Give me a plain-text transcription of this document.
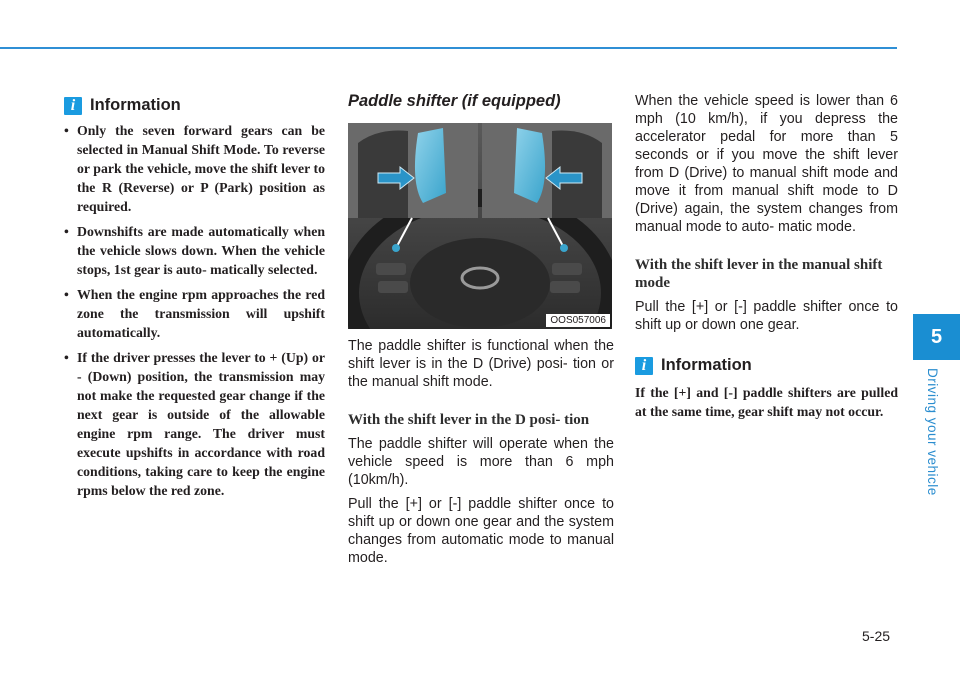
i Information
• Only the seven forward gears can be selected in Manual Shift Mode. To reverse or park the vehicle, move the shift lever to the R (Reverse) or P (Park) position as required.
• Downshifts are made automatically when the vehicle slows down. When the vehicle stops, 1st gear is auto- matically selected.
• When the engine rpm approaches the red zone the transmission will upshift automatically.
• If the driver presses the lever to + (Up) or - (Down) position, the transmission may not make the requested gear change if the next gear is outside of the allowable engine rpm range. The driver must execute upshifts in accordance with road conditions, taking care to keep the engine rpms below the red zone.
Paddle shifter (if equipped)
OOS057006

The paddle shifter is functional when the shift lever is in the D (Drive) posi- tion or the manual shift mode.

With the shift lever in the D posi- tion

The paddle shifter will operate when the vehicle speed is more than 6 mph (10km/h).

Pull the [+] or [-] paddle shifter once to shift up or down one gear and the system changes from automatic mode to manual mode.

When the vehicle speed is lower than 6 mph (10 km/h), if you depress the accelerator pedal for more than 5 seconds or if you move the shift lever from D (Drive) to manual shift mode and move it from manual shift mode to D (Drive) again, the system changes from manual mode to auto- matic mode.

With the shift lever in the manual shift mode

Pull the [+] or [-] paddle shifter once to shift up or down one gear.

i Information

If the [+] and [-] paddle shifters are pulled at the same time, gear shift may not occur.

5
Driving your vehicle
5-25
